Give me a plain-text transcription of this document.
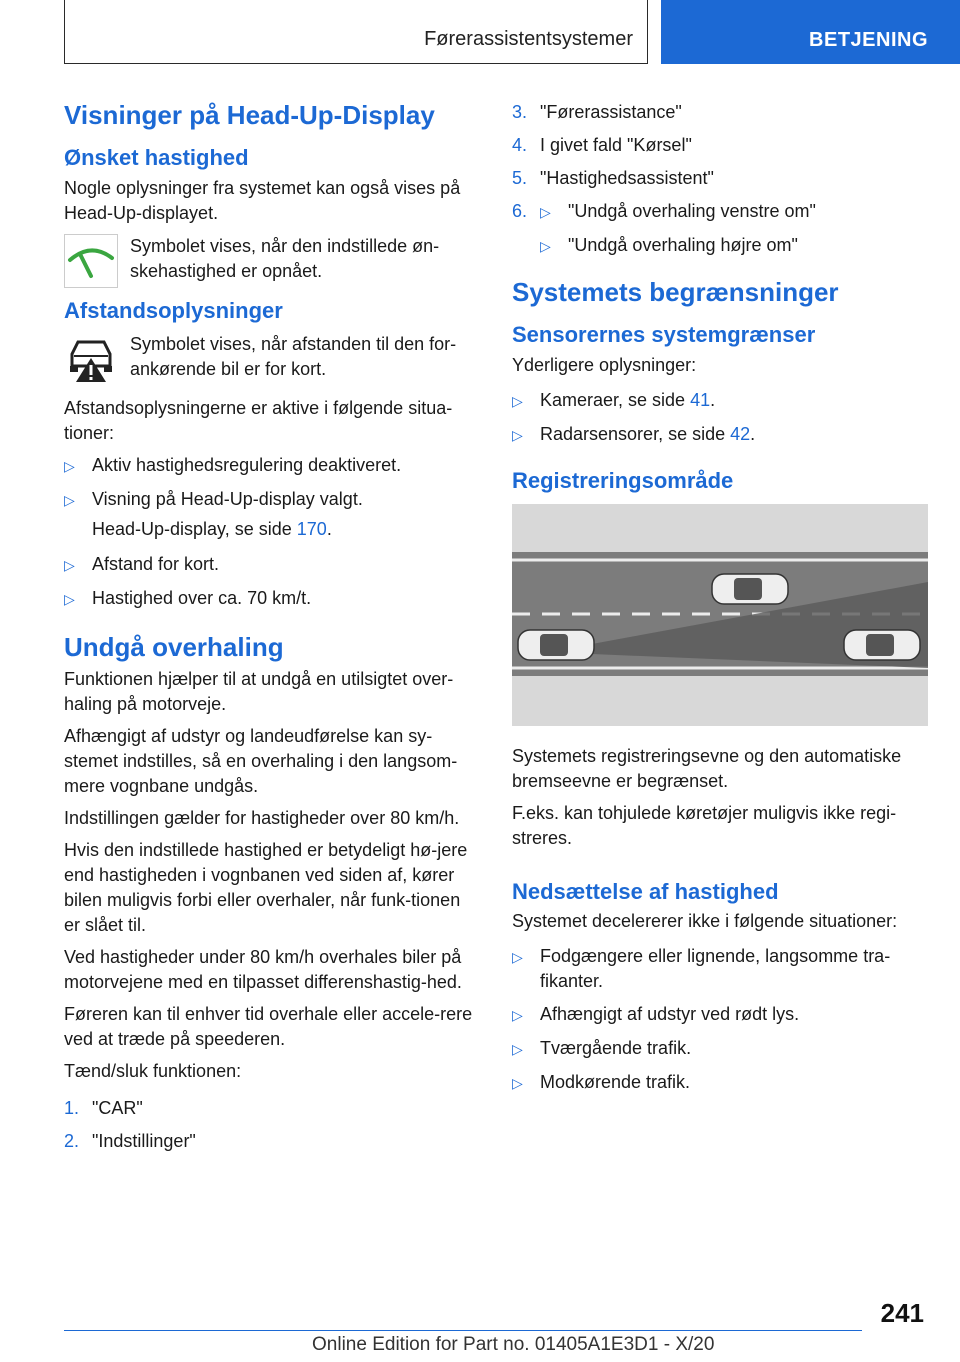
Førerassistentsystemer	BETJENING
Visninger på Head-Up-Display
Ønsket hastighed

Nogle oplysninger fra systemet kan også vises på Head-Up-displayet.

Symbolet vises, når den indstillede øn-skehastighed er opnået.
Afstandsoplysninger
Symbolet vises, når afstanden til den for-ankørende bil er for kort.

Afstandsoplysningerne er aktive i følgende situa-tioner:

▷ Aktiv hastighedsregulering deaktiveret.
▷ Visning på Head-Up-display valgt.
Head-Up-display, se side 170.
▷ Afstand for kort.
▷ Hastighed over ca. 70 km/t.
Undgå overhaling

Funktionen hjælper til at undgå en utilsigtet over-haling på motorveje.

Afhængigt af udstyr og landeudførelse kan sy-stemet indstilles, så en overhaling i den langsom-mere vognbane undgås.

Indstillingen gælder for hastigheder over 80 km/h.

Hvis den indstillede hastighed er betydeligt hø-jere end hastigheden i vognbanen ved siden af, kører bilen muligvis forbi eller overhaler, når funk-tionen er slået til.

Ved hastigheder under 80 km/h overhales biler på motorvejene med en tilpasset differenshastig-hed.

Føreren kan til enhver tid overhale eller accele-rere ved at træde på speederen.

Tænd/sluk funktionen:

1. "CAR"
2. "Indstillinger"
3. "Førerassistance"
4. I givet fald "Kørsel"
5. "Hastighedsassistent"
6. ▷ "Undgå overhaling venstre om"
▷ "Undgå overhaling højre om"
Systemets begrænsninger
Sensorernes systemgrænser

Yderligere oplysninger:

▷ Kameraer, se side 41.
▷ Radarsensorer, se side 42.
Registreringsområde

Systemets registreringsevne og den automatiske bremseevne er begrænset.

F.eks. kan tohjulede køretøjer muligvis ikke regi-streres.

Nedsættelse af hastighed

Systemet decelererer ikke i følgende situationer:

▷ Fodgængere eller lignende, langsomme tra-fikanter.
▷ Afhængigt af udstyr ved rødt lys.
▷ Tværgående trafik.
▷ Modkørende trafik.
241
Online Edition for Part no. 01405A1E3D1 - X/20
